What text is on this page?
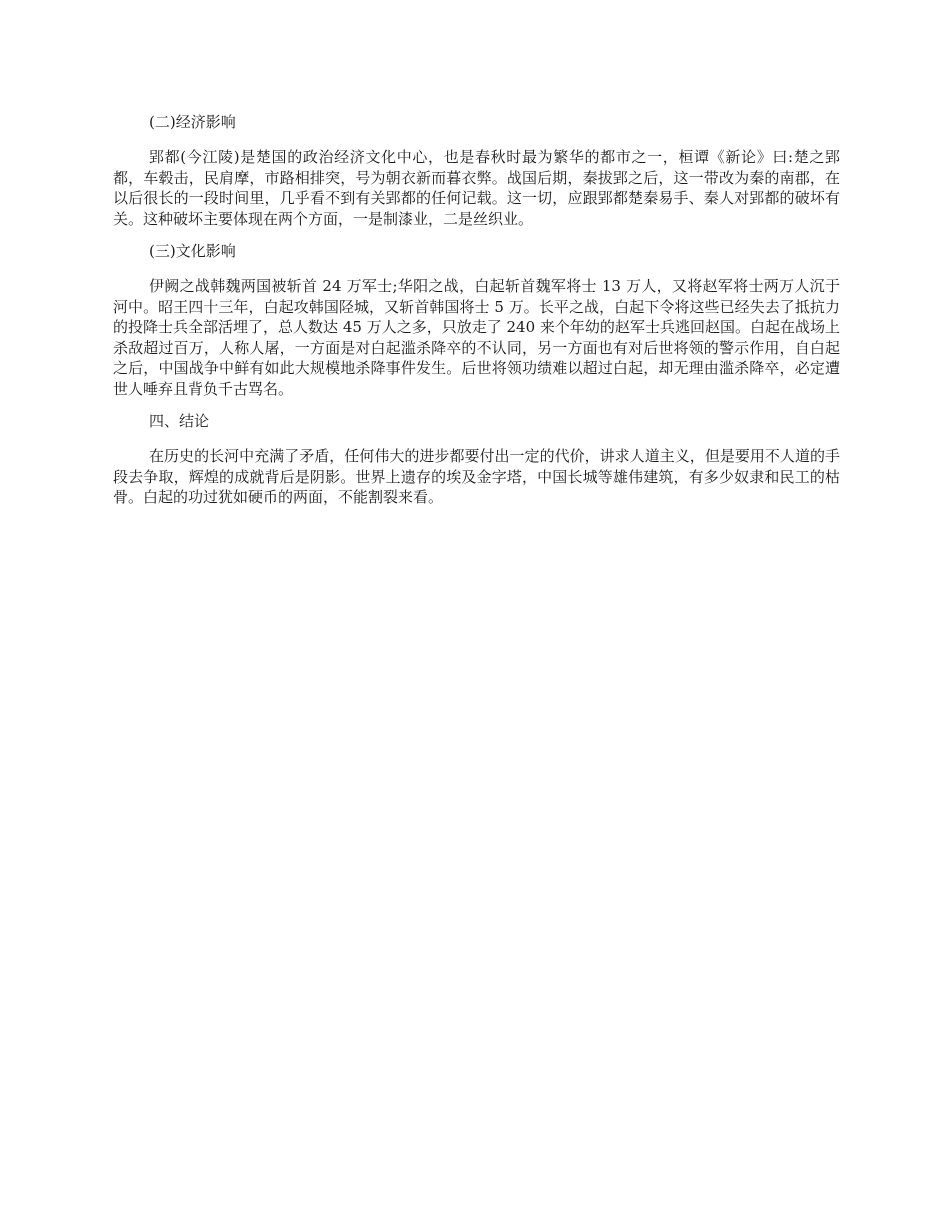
(二)经济影响

郢都(今江陵)是楚国的政治经济文化中心，也是春秋时最为繁华的都市之一，桓谭《新论》曰:楚之郢都，车毂击，民肩摩，市路相排突，号为朝衣新而暮衣弊。战国后期，秦拔郢之后，这一带改为秦的南郡，在以后很长的一段时间里，几乎看不到有关郢都的任何记载。这一切，应跟郢都楚秦易手、秦人对郢都的破坏有关。这种破坏主要体现在两个方面，一是制漆业，二是丝织业。

(三)文化影响

伊阙之战韩魏两国被斩首 24 万军士;华阳之战，白起斩首魏军将士 13 万人，又将赵军将士两万人沉于河中。昭王四十三年，白起攻韩国陉城，又斩首韩国将士 5 万。长平之战，白起下令将这些已经失去了抵抗力的投降士兵全部活埋了，总人数达 45 万人之多，只放走了 240 来个年幼的赵军士兵逃回赵国。白起在战场上杀敌超过百万，人称人屠，一方面是对白起滥杀降卒的不认同，另一方面也有对后世将领的警示作用，自白起之后，中国战争中鲜有如此大规模地杀降事件发生。后世将领功绩难以超过白起，却无理由滥杀降卒，必定遭世人唾弃且背负千古骂名。

四、结论

在历史的长河中充满了矛盾，任何伟大的进步都要付出一定的代价，讲求人道主义，但是要用不人道的手段去争取，辉煌的成就背后是阴影。世界上遗存的埃及金字塔，中国长城等雄伟建筑，有多少奴隶和民工的枯骨。白起的功过犹如硬币的两面，不能割裂来看。
